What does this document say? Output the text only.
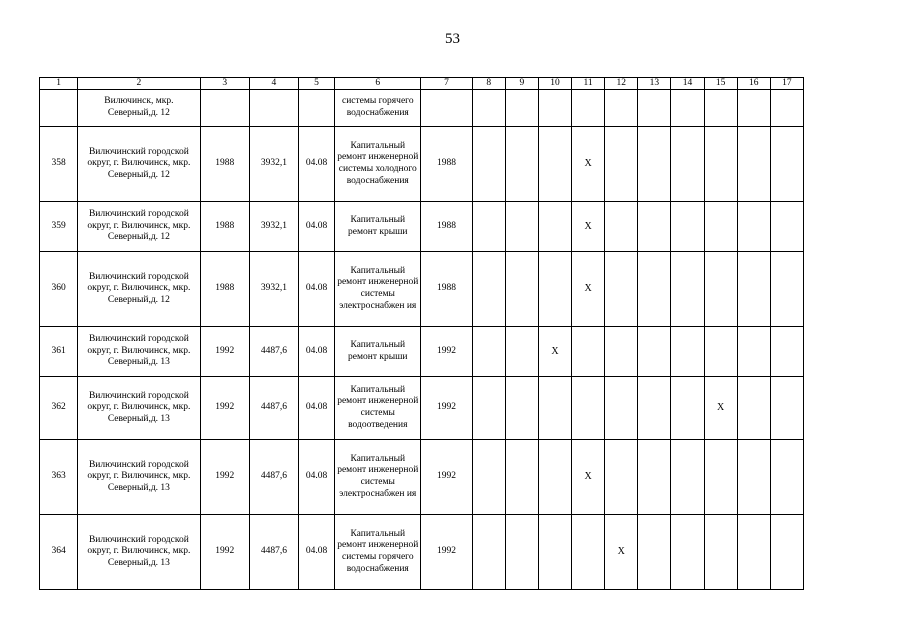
53
1	2	3	4	5	6	7	8	9	10	11	12	13	14	15	16	17
	Вилючинск, мкр. Северный,д. 12				системы горячего водоснабжения											
358	Вилючинский городской округ, г. Вилючинск, мкр. Северный,д. 12	1988	3932,1	04.08	Капитальный ремонт инженерной системы холодного водоснабжения	1988				X						
359	Вилючинский городской округ, г. Вилючинск, мкр. Северный,д. 12	1988	3932,1	04.08	Капитальный ремонт крыши	1988				X						
360	Вилючинский городской округ, г. Вилючинск, мкр. Северный,д. 12	1988	3932,1	04.08	Капитальный ремонт инженерной системы электроснабжен ия	1988				X						
361	Вилючинский городской округ, г. Вилючинск, мкр. Северный,д. 13	1992	4487,6	04.08	Капитальный ремонт крыши	1992			X							
362	Вилючинский городской округ, г. Вилючинск, мкр. Северный,д. 13	1992	4487,6	04.08	Капитальный ремонт инженерной системы водоотведения	1992								X		
363	Вилючинский городской округ, г. Вилючинск, мкр. Северный,д. 13	1992	4487,6	04.08	Капитальный ремонт инженерной системы электроснабжен ия	1992				X						
364	Вилючинский городской округ, г. Вилючинск, мкр. Северный,д. 13	1992	4487,6	04.08	Капитальный ремонт инженерной системы горячего водоснабжения	1992					X					
